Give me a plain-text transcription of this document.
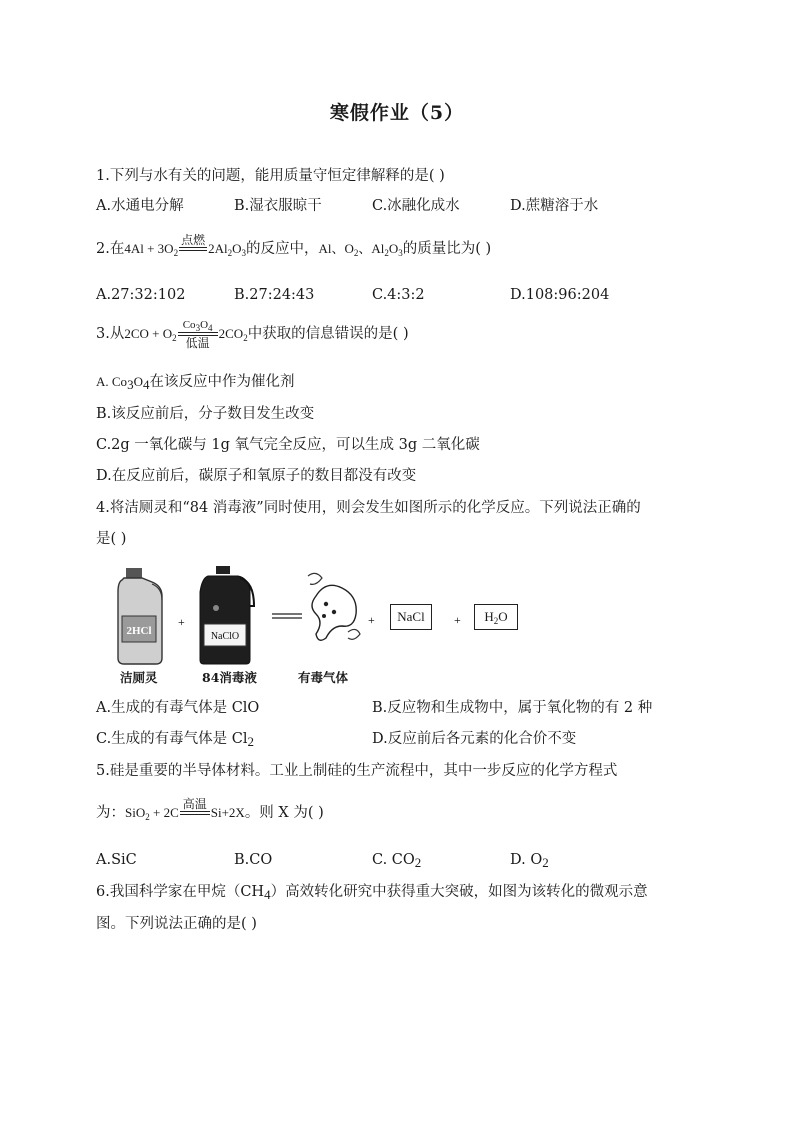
寒假作业（5）
1.下列与水有关的问题，能用质量守恒定律解释的是( )
A.水通电分解	B.湿衣服晾干	C.冰融化成水	D.蔗糖溶于水
2.在$4Al + 3O_2$
点燃

$2Al_2O_3$的反应中，Al、$O_2$、$Al_2O_3$的质量比为( )
A.27:32:102	B.27:24:43	C.4:3:2	D.108:96:204
3.从$2CO + O_2$
$Co_3O_4$
低温
$2CO_2$中获取的信息错误的是( )
A. $Co_3O_4$在该反应中作为催化剂
B.该反应前后，分子数目发生改变
C.2g 一氧化碳与 1g 氧气完全反应，可以生成 3g 二氧化碳
D.在反应前后，碳原子和氧原子的数目都没有改变
4.将洁厕灵和“84 消毒液”同时使用，则会发生如图所示的化学反应。下列说法正确的
是( )
2HCl
+
NaClO
+	+
NaCl	$H_2O$
洁厕灵	84消毒液	有毒气体
A.生成的有毒气体是 ClO	B.反应物和生成物中，属于氧化物的有 2 种
C.生成的有毒气体是 $Cl_2$	D.反应前后各元素的化合价不变
5.硅是重要的半导体材料。工业上制硅的生产流程中，其中一步反应的化学方程式
为：SiO$_2$ + 2C
高温

Si+2X。则 X 为( )
A.SiC	B.CO	C. $CO_2$	D. $O_2$
6.我国科学家在甲烷$(CH_4)$高效转化研究中获得重大突破，如图为该转化的微观示意
图。下列说法正确的是( )
